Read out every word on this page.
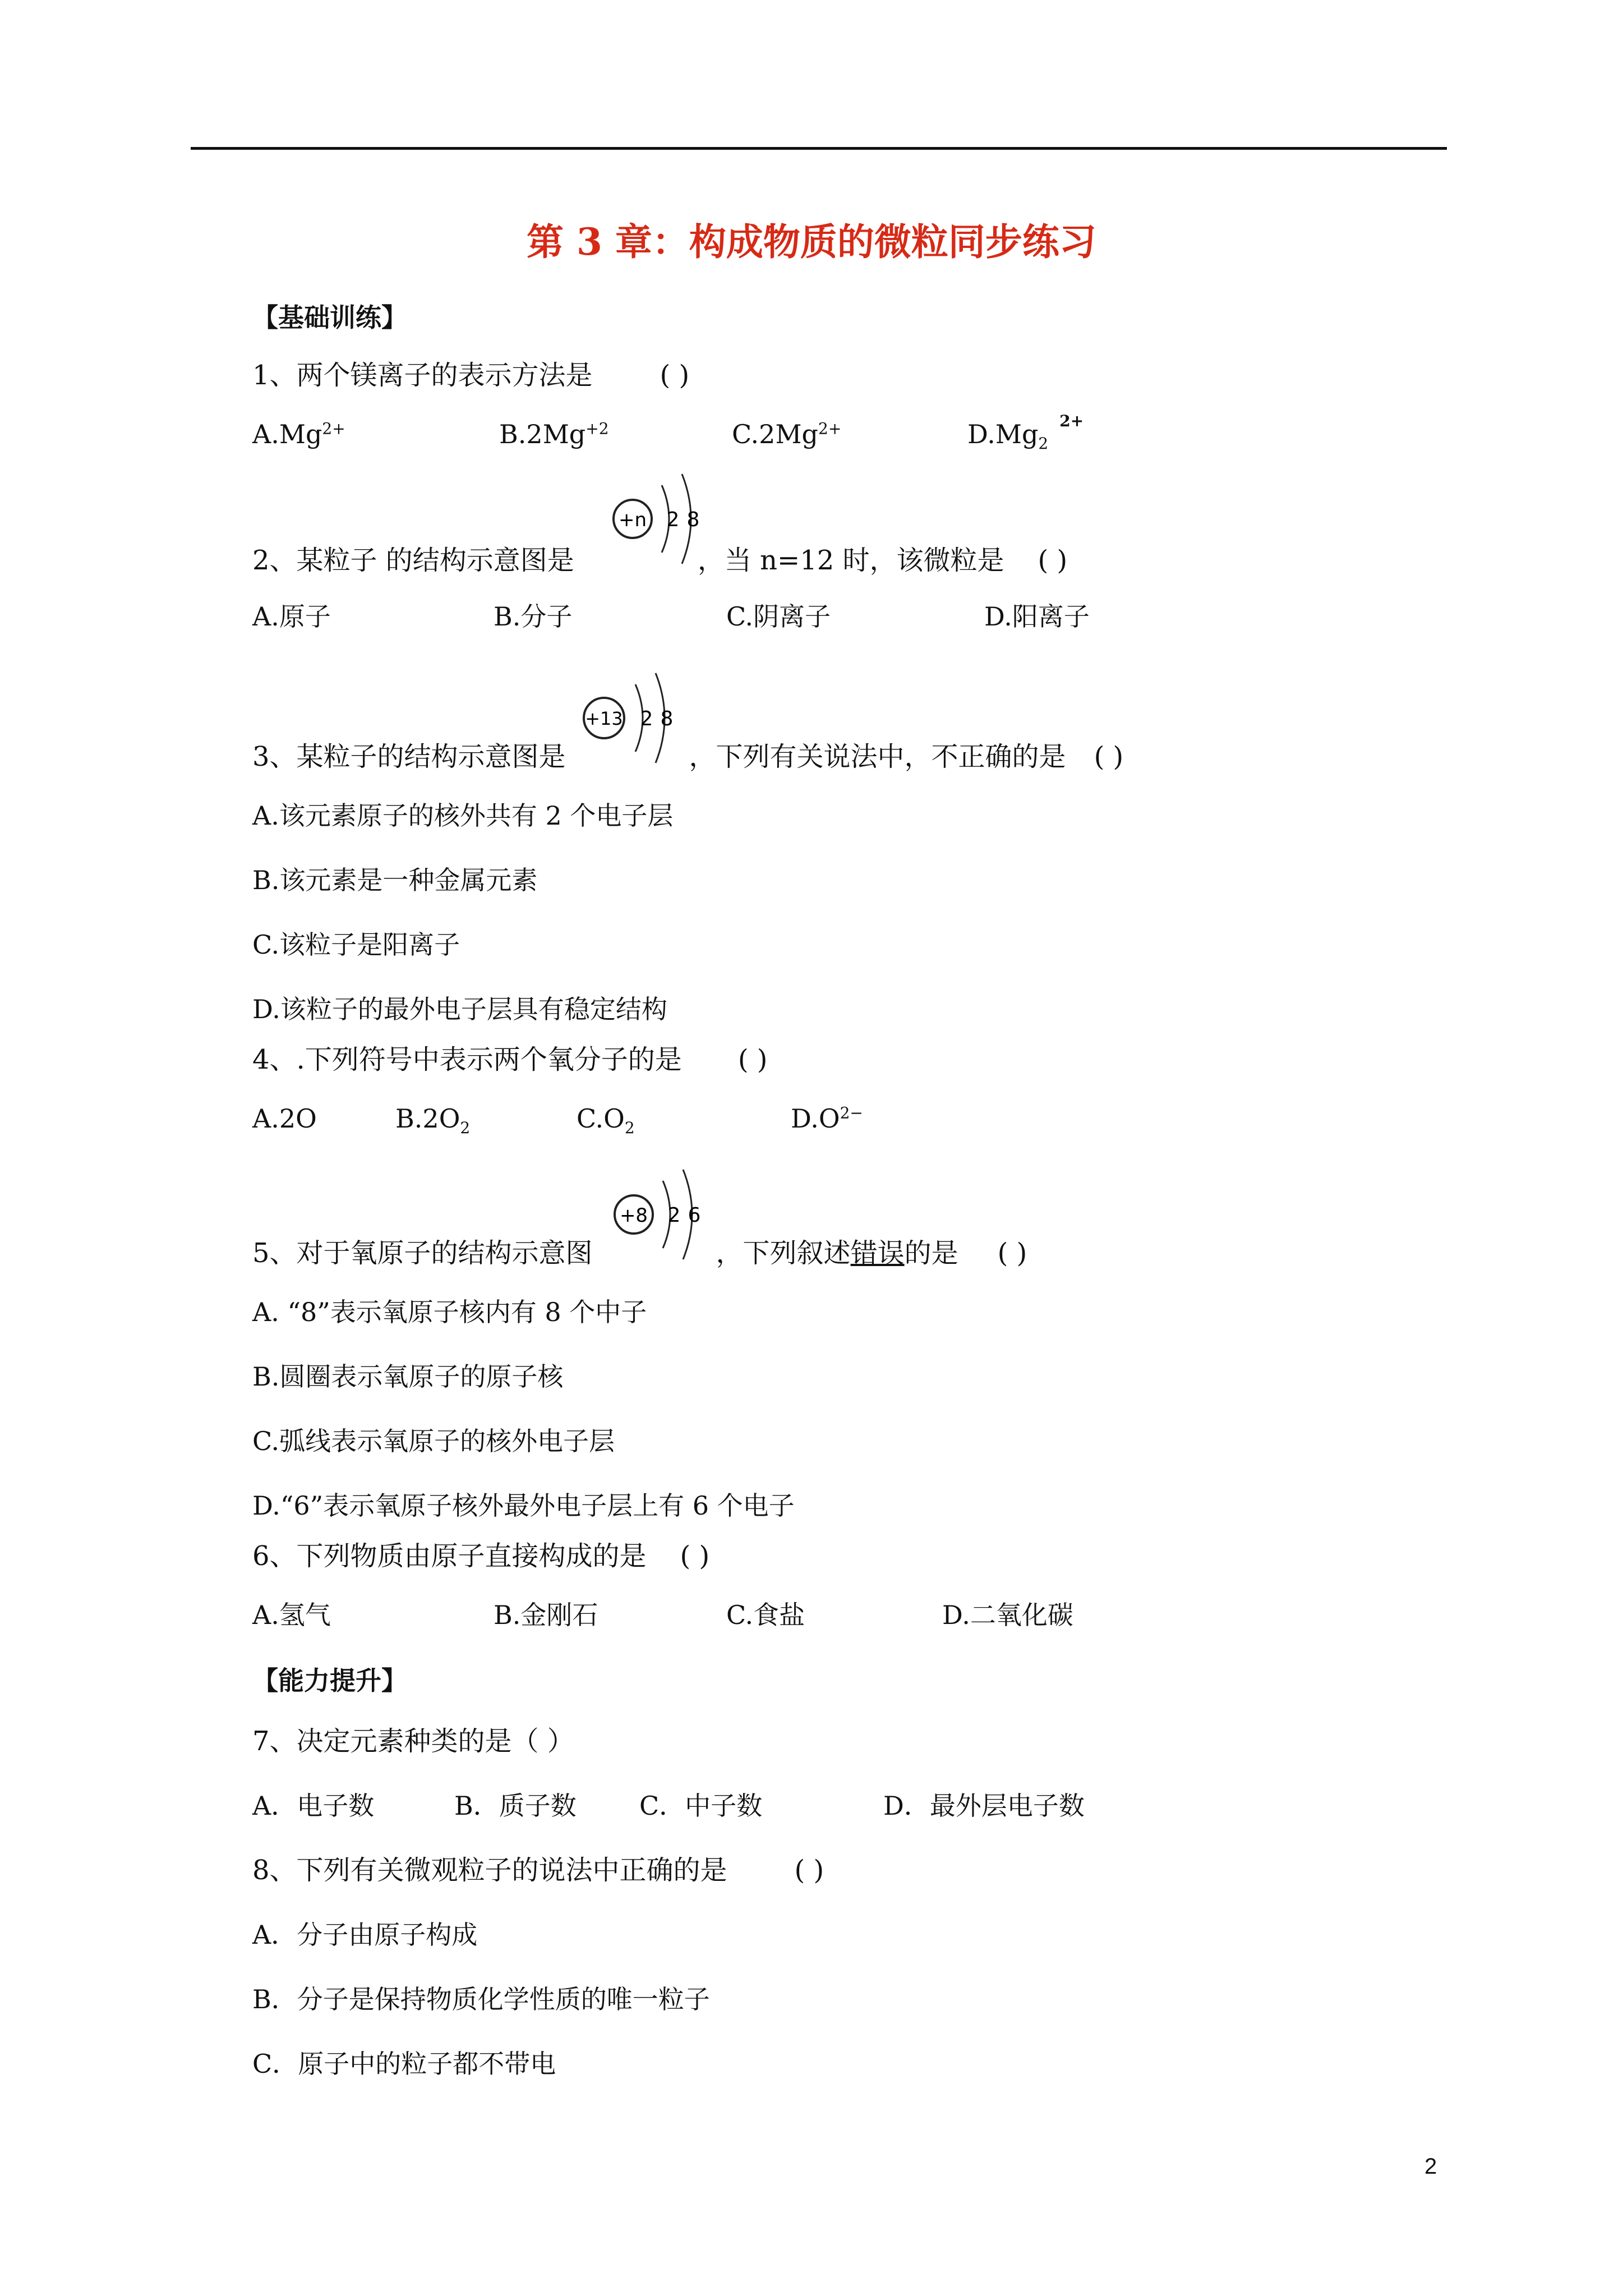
第 3 章：构成物质的微粒同步练习
【基础训练】
1、两个镁离子的表示方法是	( )
$A.Mg^{2+}$	$B.2Mg^{+2}$	$C.2Mg^{2+}$	$D.Mg_2^{2+}$
+n 2 8
2、某粒子 的结构示意图是	，当 n=12 时，该微粒是 ( )
A.原子	B.分子	C.阴离子	D.阳离子
+13 2 8
3、某粒子的结构示意图是	，下列有关说法中，不正确的是 ( )
A.该元素原子的核外共有 2 个电子层
B.该元素是一种金属元素
C.该粒子是阳离子
D.该粒子的最外电子层具有稳定结构
4、.下列符号中表示两个氧分子的是 ( )
A.2O	$B.2O_2$	$C.O_2$	$D.O^{2-}$
+8 2 6
5、对于氧原子的结构示意图	，下列叙述错误的是 ( )
A. “8”表示氧原子核内有 8 个中子
B.圆圈表示氧原子的原子核
C.弧线表示氧原子的核外电子层
D.“6”表示氧原子核外最外电子层上有 6 个电子
6、下列物质由原子直接构成的是 ( )
A.氢气	B.金刚石	C.食盐	D.二氧化碳
【能力提升】
7、决定元素种类的是（ ）
A．电子数	B．质子数 C．中子数	D．最外层电子数
8、下列有关微观粒子的说法中正确的是	( )
A．分子由原子构成
B．分子是保持物质化学性质的唯一粒子
C．原子中的粒子都不带电
2
